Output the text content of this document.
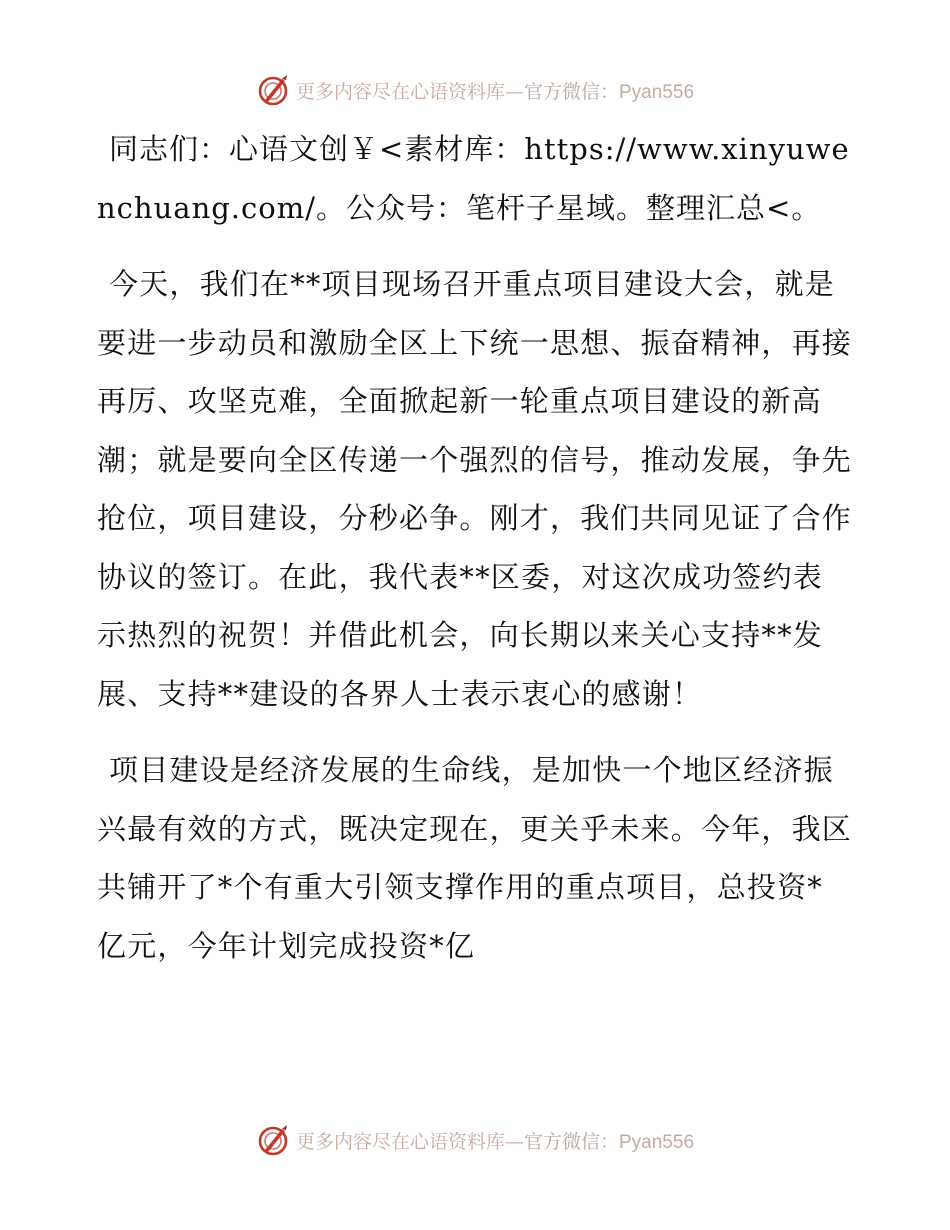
更多内容尽在心语资料库—官方微信：Pyan556

同志们：心语文创￥<素材库：https://www.xinyuwenchuang.com/。公众号：笔杆子星域。整理汇总<。

今天，我们在**项目现场召开重点项目建设大会，就是要进一步动员和激励全区上下统一思想、振奋精神，再接再厉、攻坚克难，全面掀起新一轮重点项目建设的新高潮；就是要向全区传递一个强烈的信号，推动发展，争先抢位，项目建设，分秒必争。刚才，我们共同见证了合作协议的签订。在此，我代表**区委，对这次成功签约表示热烈的祝贺！并借此机会，向长期以来关心支持**发展、支持**建设的各界人士表示衷心的感谢！

项目建设是经济发展的生命线，是加快一个地区经济振兴最有效的方式，既决定现在，更关乎未来。今年，我区共铺开了*个有重大引领支撑作用的重点项目，总投资*亿元，今年计划完成投资*亿

更多内容尽在心语资料库—官方微信：Pyan556
